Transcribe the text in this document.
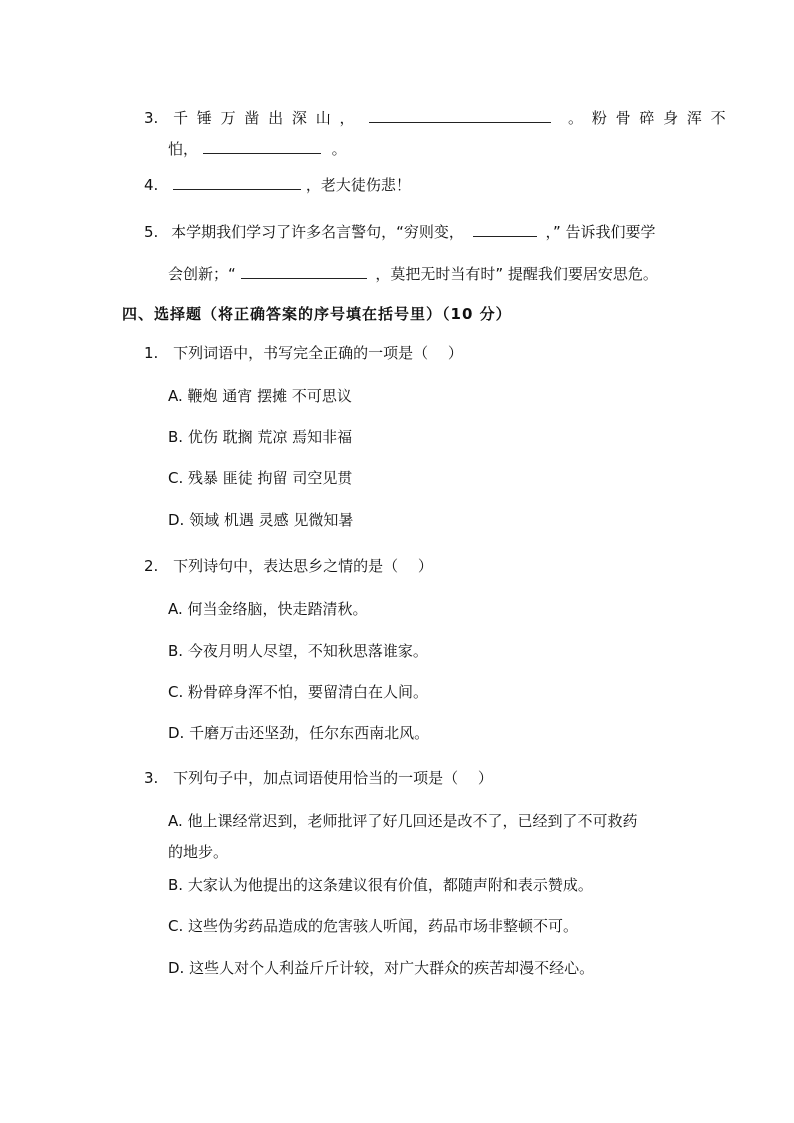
3. 千 锤 万 凿 出 深 山 ，	。 粉 骨 碎 身 浑 不
怕，	。
4.	，老大徒伤悲！
5. 本学期我们学习了许多名言警句，“穷则变，	，” 告诉我们要学
会创新；“	，莫把无时当有时” 提醒我们要居安思危。
四、选择题（将正确答案的序号填在括号里）（10 分）
1. 下列词语中，书写完全正确的一项是（　 ）
A. 鞭炮 通宵 摆摊 不可思议
B. 优伤 耽搁 荒凉 焉知非福
C. 残暴 匪徒 拘留 司空见贯
D. 领域 机遇 灵感 见微知暑
2. 下列诗句中，表达思乡之情的是（　 ）
A. 何当金络脑，快走踏清秋。
B. 今夜月明人尽望，不知秋思落谁家。
C. 粉骨碎身浑不怕，要留清白在人间。
D. 千磨万击还坚劲，任尔东西南北风。
3. 下列句子中，加点词语使用恰当的一项是（　 ）
A. 他上课经常迟到，老师批评了好几回还是改不了，已经到了不可救药
的地步。
B. 大家认为他提出的这条建议很有价值，都随声附和表示赞成。
C. 这些伪劣药品造成的危害骇人听闻，药品市场非整顿不可。
D. 这些人对个人利益斤斤计较，对广大群众的疾苦却漫不经心。
